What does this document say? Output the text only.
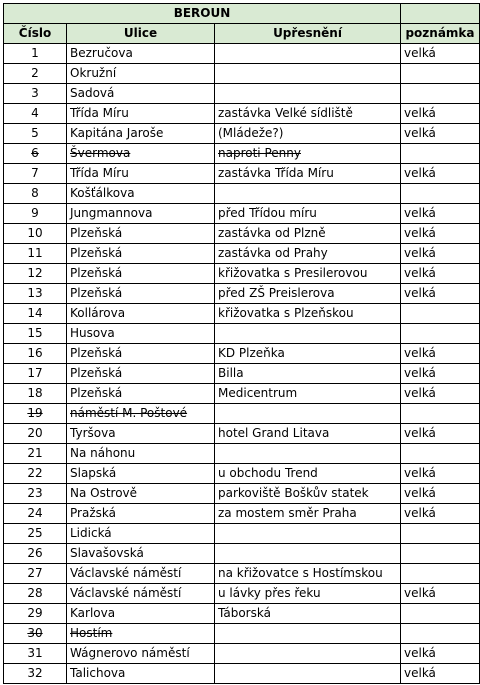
BEROUN			
Číslo	Ulice	Upřesnění	poznámka
1	Bezručova		velká
2	Okružní		
3	Sadová		
4	Třída Míru	zastávka Velké sídliště	velká
5	Kapitána Jaroše	(Mládeže?)	velká
6	Švermova	naproti Penny	
7	Třída Míru	zastávka Třída Míru	velká
8	Košťálkova		
9	Jungmannova	před Třídou míru	velká
10	Plzeňská	zastávka od Plzně	velká
11	Plzeňská	zastávka od Prahy	velká
12	Plzeňská	křižovatka s Presilerovou	velká
13	Plzeňská	před ZŠ Preislerova	velká
14	Kollárova	křižovatka s Plzeňskou	
15	Husova		
16	Plzeňská	KD Plzeňka	velká
17	Plzeňská	Billa	velká
18	Plzeňská	Medicentrum	velká
19	náměstí M. Poštové		
20	Tyršova	hotel Grand Litava	velká
21	Na náhonu		
22	Slapská	u obchodu Trend	velká
23	Na Ostrově	parkoviště Boškův statek	velká
24	Pražská	za mostem směr Praha	velká
25	Lidická		
26	Slavašovská		
27	Václavské náměstí	na křižovatce s Hostímskou	
28	Václavské náměstí	u lávky přes řeku	velká
29	Karlova	Táborská	
30	Hostím		
31	Wágnerovo náměstí		velká
32	Talichova		velká
